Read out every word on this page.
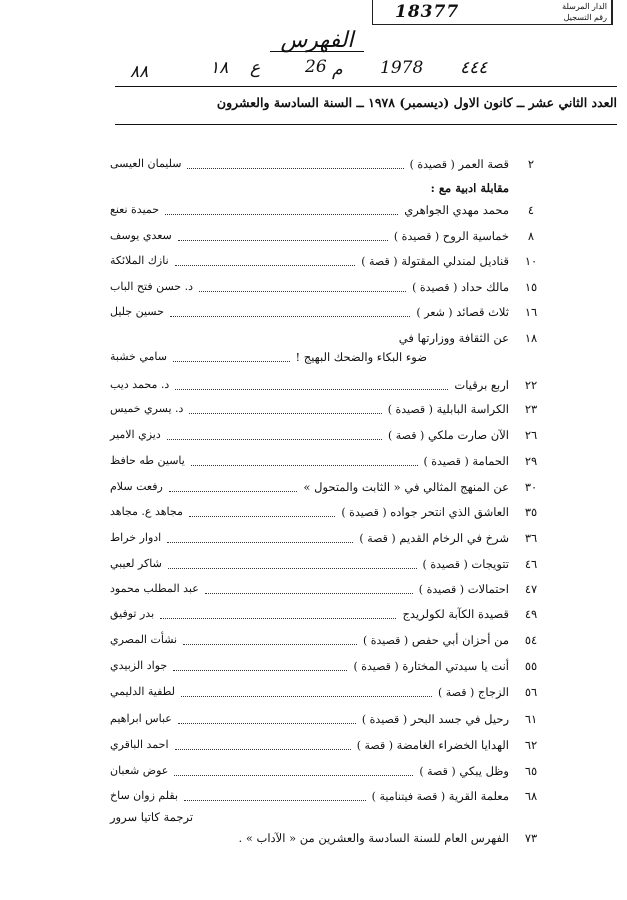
الدار المرسلة
رقم التسجيل
18377
الفهرس
٨٨	١٨ ع	26 م 1978 ٤٤٤
العدد الثاني عشر ــ كانون الاول (ديسمبر) ١٩٧٨ ــ السنة السادسة والعشرون
٢
قصة العمر ( قصيدة )
سليمان العيسى
٤
محمد مهدي الجواهري
حميدة نعنع
٨
خماسية الروح ( قصيدة )
سعدي يوسف
١٠
قناديل لمندلي المقتولة ( قصة )
نازك الملائكة
١٥
مالك حداد ( قصيدة )
د. حسن فتح الباب
١٦
ثلاث قصائد ( شعر )
حسين جليل
١٨
عن الثقافة ووزارتها في
ضوء البكاء والضحك البهيج !
سامي خشبة
٢٢
اربع برقيات
د. محمد ديب
٢٣
الكراسة البابلية ( قصيدة )
د. يسري خميس
٢٦
الآن صارت ملكي ( قصة )
ديزي الامير
٢٩
الحمامة ( قصيدة )
ياسين طه حافظ
٣٠
عن المنهج المثالي في « الثابت والمتحول »
رفعت سلام
٣٥
العاشق الذي انتحر جواده ( قصيدة )
مجاهد ع. مجاهد
٣٦
شرخ في الرخام القديم ( قصة )
ادوار خراط
٤٦
تتويجات ( قصيدة )
شاكر لعيبي
٤٧
احتمالات ( قصيدة )
عبد المطلب محمود
٤٩
قصيدة الكآبة لكولريدج
بدر توفيق
٥٤
من أحزان أبي حفص ( قصيدة )
نشأت المصري
٥٥
أنت يا سيدتي المختارة ( قصيدة )
جواد الزبيدي
٥٦
الزجاج ( قصة )
لطفية الدليمي
٦١
رحيل في جسد البحر ( قصيدة )
عباس ابراهيم
٦٢
الهدايا الخضراء الغامضة ( قصة )
احمد الباقري
٦٥
وظل يبكي ( قصة )
عوض شعبان
٦٨
معلمة القرية ( قصة فيتنامية )
بقلم زوان ساخ
مقابلة ادبية مع :
ترجمة كاتيا سرور
٧٣
الفهرس العام للسنة السادسة والعشرين من « الآداب » .
